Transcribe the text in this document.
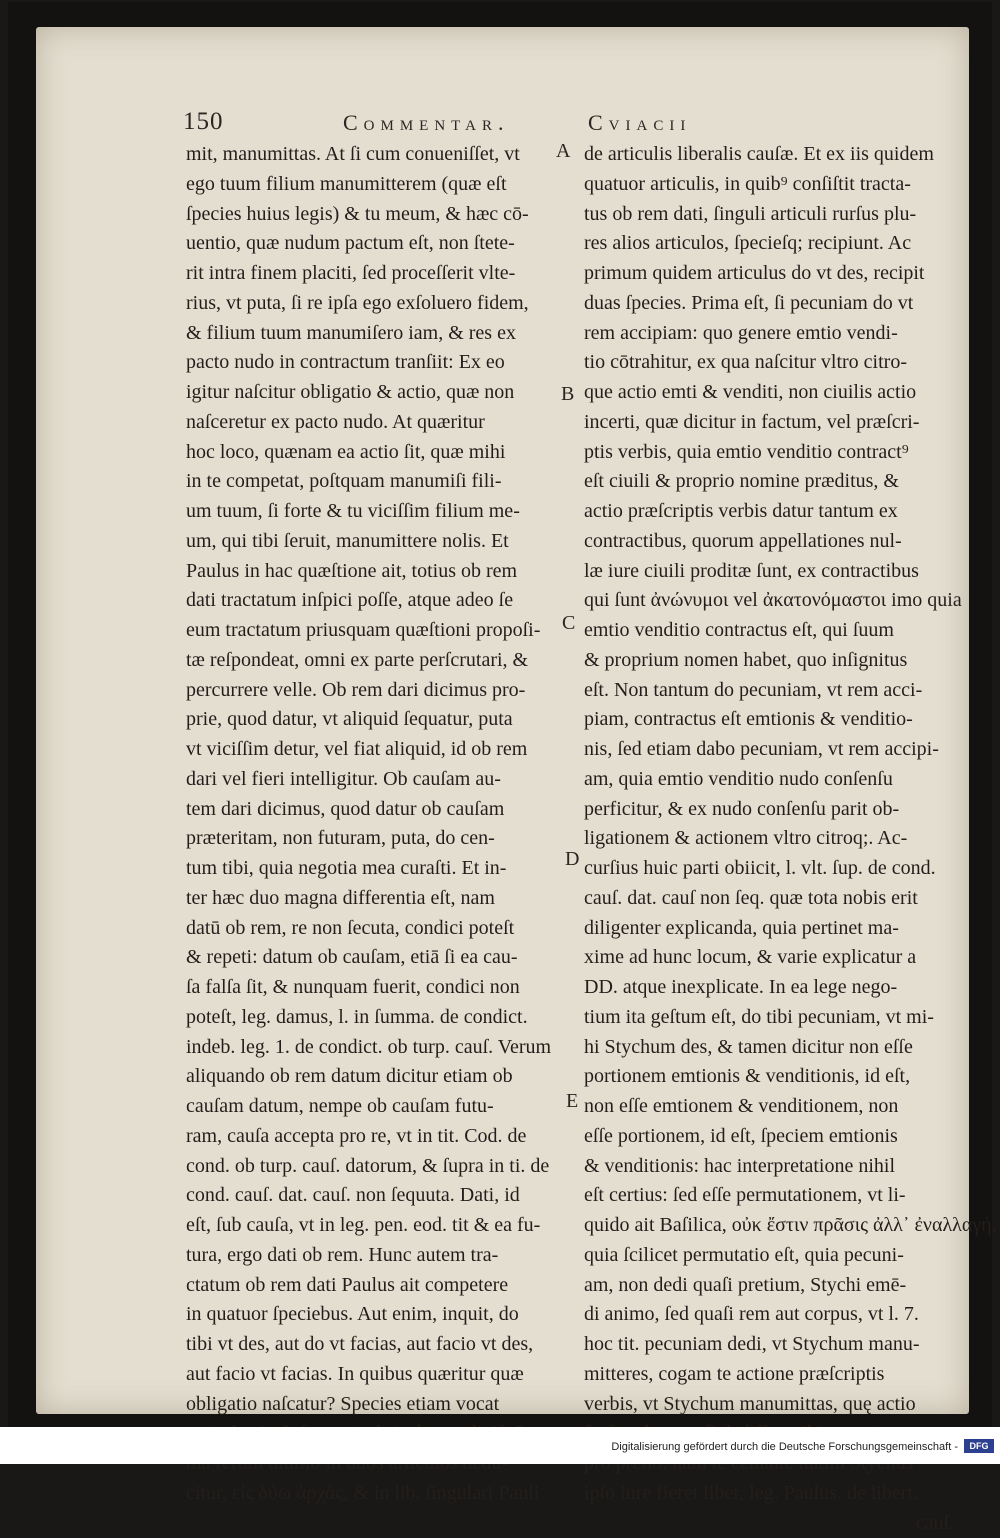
150	Commentar.	Cviacii
mit, manumittas. At ſi cum conueniſſet, vt
ego tuum filium manumitterem (quæ eſt
ſpecies huius legis) & tu meum, & hæc cō-
uentio, quæ nudum pactum eſt, non ſtete-
rit intra finem placiti, ſed proceſſerit vlte-
rius, vt puta, ſi re ipſa ego exſoluero fidem,
& filium tuum manumiſero iam, & res ex
pacto nudo in contractum tranſiit: Ex eo
igitur naſcitur obligatio & actio, quæ non
naſceretur ex pacto nudo. At quæritur
hoc loco, quænam ea actio ſit, quæ mihi
in te competat, poſtquam manumiſi fili-
um tuum, ſi forte & tu viciſſim filium me-
um, qui tibi ſeruit, manumittere nolis. Et
Paulus in hac quæſtione ait, totius ob rem
dati tractatum inſpici poſſe, atque adeo ſe
eum tractatum priusquam quæſtioni propoſi-
tæ reſpondeat, omni ex parte perſcrutari, &
percurrere velle. Ob rem dari dicimus pro-
prie, quod datur, vt aliquid ſequatur, puta
vt viciſſim detur, vel fiat aliquid, id ob rem
dari vel fieri intelligitur. Ob cauſam au-
tem dari dicimus, quod datur ob cauſam
præteritam, non futuram, puta, do cen-
tum tibi, quia negotia mea curaſti. Et in-
ter hæc duo magna differentia eſt, nam
datū ob rem, re non ſecuta, condici poteſt
& repeti: datum ob cauſam, etiā ſi ea cau-
ſa falſa ſit, & nunquam fuerit, condici non
poteſt, leg. damus, l. in ſumma. de condict.
indeb. leg. 1. de condict. ob turp. cauſ. Verum
aliquando ob rem datum dicitur etiam ob
cauſam datum, nempe ob cauſam futu-
ram, cauſa accepta pro re, vt in tit. Cod. de
cond. ob turp. cauſ. datorum, & ſupra in ti. de
cond. cauſ. dat. cauſ. non ſequuta. Dati, id
eſt, ſub cauſa, vt in leg. pen. eod. tit & ea fu-
tura, ergo dati ob rem. Hunc autem tra-
ctatum ob rem dati Paulus ait competere
in quatuor ſpeciebus. Aut enim, inquit, do
tibi vt des, aut do vt facias, aut facio vt des,
aut facio vt facias. In quibus quæritur quæ
obligatio naſcatur? Species etiam vocat
citur, εἰς δύω ἀρχάς, & in lib. ſingulari Pauli
de articulis liberalis cauſæ. Et ex iis quidem
quatuor articulis, in quib⁹ conſiſtit tracta-
tus ob rem dati, ſinguli articuli rurſus plu-
res alios articulos, ſpecieſq; recipiunt. Ac
primum quidem articulus do vt des, recipit
duas ſpecies. Prima eſt, ſi pecuniam do vt
rem accipiam: quo genere emtio vendi-
tio cōtrahitur, ex qua naſcitur vltro citro-
que actio emti & venditi, non ciuilis actio
incerti, quæ dicitur in factum, vel præſcri-
ptis verbis, quia emtio venditio contract⁹
eſt ciuili & proprio nomine præditus, &
actio præſcriptis verbis datur tantum ex
contractibus, quorum appellationes nul-
læ iure ciuili proditæ ſunt, ex contractibus
qui ſunt ἀνώνυμοι vel ἀκατονόμαστοι imo quia
emtio venditio contractus eſt, qui ſuum
& proprium nomen habet, quo inſignitus
eſt. Non tantum do pecuniam, vt rem acci-
piam, contractus eſt emtionis & venditio-
nis, ſed etiam dabo pecuniam, vt rem accipi-
am, quia emtio venditio nudo conſenſu
perficitur, & ex nudo conſenſu parit ob-
ligationem & actionem vltro citroq;. Ac-
curſius huic parti obiicit, l. vlt. ſup. de cond.
cauſ. dat. cauſ non ſeq. quæ tota nobis erit
diligenter explicanda, quia pertinet ma-
xime ad hunc locum, & varie explicatur a
DD. atque inexplicate. In ea lege nego-
tium ita geſtum eſt, do tibi pecuniam, vt mi-
hi Stychum des, & tamen dicitur non eſſe
portionem emtionis & venditionis, id eſt,
non eſſe emtionem & venditionem, non
eſſe portionem, id eſt, ſpeciem emtionis
& venditionis: hac interpretatione nihil
eſt certius: ſed eſſe permutationem, vt li-
quido ait Baſilica, οὐκ ἔστιν πρᾶσις ἀλλ᾽ ἐναλλαγή,
quia ſcilicet permutatio eſt, quia pecuni-
am, non dedi quaſi pretium, Stychi emē-
di animo, ſed quaſi rem aut corpus, vt l. 7.
hoc tit. pecuniam dedi, vt Stychum manu-
mitteres, cogam te actione præſcriptis
verbis, vt Stychum manumittas, quę actio
ipſo iure fieret liber, leg. Paulus. de libert.
cauſ.
A
B
C
D
E
Digitalisierung gefördert durch die Deutsche Forschungsgemeinschaft -	DFG
